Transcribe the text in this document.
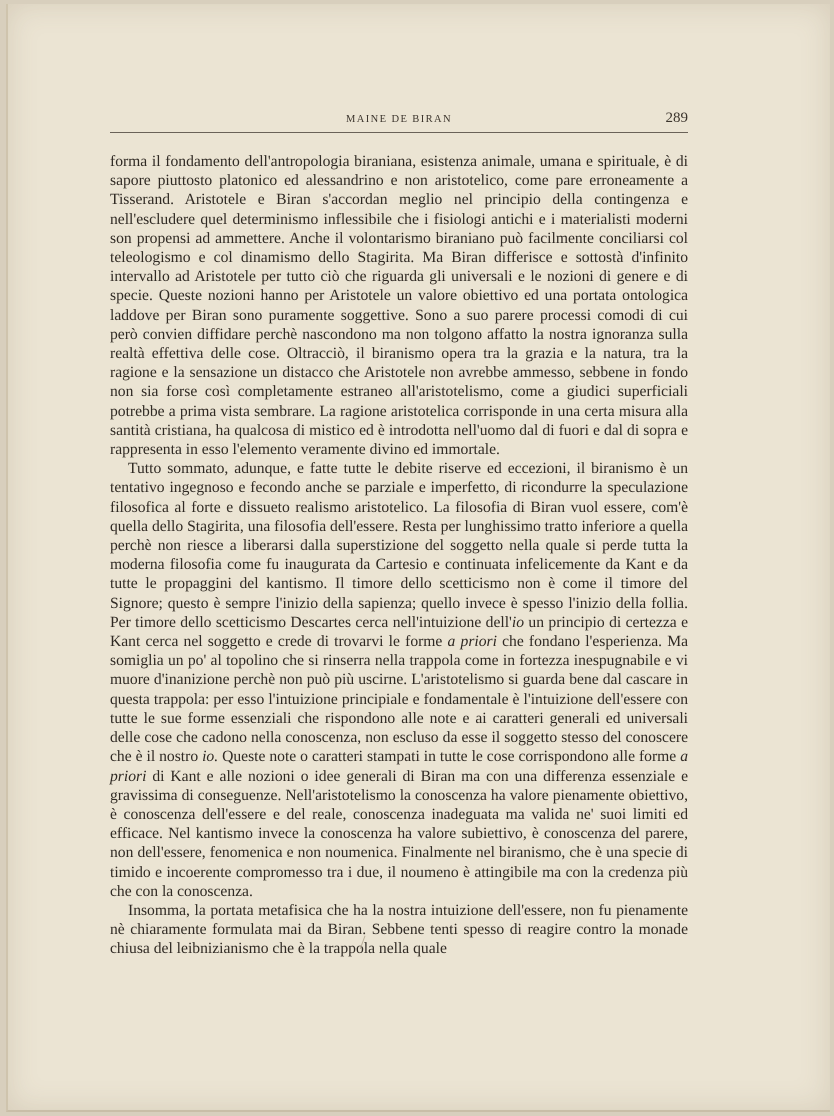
MAINE DE BIRAN	289

forma il fondamento dell'antropologia biraniana, esistenza animale, umana e spirituale, è di sapore piuttosto platonico ed alessandrino e non aristotelico, come pare erroneamente a Tisserand. Aristotele e Biran s'accordan meglio nel principio della contingenza e nell'escludere quel determinismo inflessibile che i fisiologi antichi e i materialisti moderni son propensi ad ammettere. Anche il volontarismo biraniano può facilmente conciliarsi col teleologismo e col dinamismo dello Stagirita. Ma Biran differisce e sottostà d'infinito intervallo ad Aristotele per tutto ciò che riguarda gli universali e le nozioni di genere e di specie. Queste nozioni hanno per Aristotele un valore obiettivo ed una portata ontologica laddove per Biran sono puramente soggettive. Sono a suo parere processi comodi di cui però convien diffidare perchè nascondono ma non tolgono affatto la nostra ignoranza sulla realtà effettiva delle cose. Oltracciò, il biranismo opera tra la grazia e la natura, tra la ragione e la sensazione un distacco che Aristotele non avrebbe ammesso, sebbene in fondo non sia forse così completamente estraneo all'aristotelismo, come a giudici superficiali potrebbe a prima vista sembrare. La ragione aristotelica corrisponde in una certa misura alla santità cristiana, ha qualcosa di mistico ed è introdotta nell'uomo dal di fuori e dal di sopra e rappresenta in esso l'elemento veramente divino ed immortale.

Tutto sommato, adunque, e fatte tutte le debite riserve ed eccezioni, il biranismo è un tentativo ingegnoso e fecondo anche se parziale e imperfetto, di ricondurre la speculazione filosofica al forte e dissueto realismo aristotelico. La filosofia di Biran vuol essere, com'è quella dello Stagirita, una filosofia dell'essere. Resta per lunghissimo tratto inferiore a quella perchè non riesce a liberarsi dalla superstizione del soggetto nella quale si perde tutta la moderna filosofia come fu inaugurata da Cartesio e continuata infelicemente da Kant e da tutte le propaggini del kantismo. Il timore dello scetticismo non è come il timore del Signore; questo è sempre l'inizio della sapienza; quello invece è spesso l'inizio della follia. Per timore dello scetticismo Descartes cerca nell'intuizione dell'io un principio di certezza e Kant cerca nel soggetto e crede di trovarvi le forme a priori che fondano l'esperienza. Ma somiglia un po' al topolino che si rinserra nella trappola come in fortezza inespugnabile e vi muore d'inanizione perchè non può più uscirne. L'aristotelismo si guarda bene dal cascare in questa trappola: per esso l'intuizione principiale e fondamentale è l'intuizione dell'essere con tutte le sue forme essenziali che rispondono alle note e ai caratteri generali ed universali delle cose che cadono nella conoscenza, non escluso da esse il soggetto stesso del conoscere che è il nostro io. Queste note o caratteri stampati in tutte le cose corrispondono alle forme a priori di Kant e alle nozioni o idee generali di Biran ma con una differenza essenziale e gravissima di conseguenze. Nell'aristotelismo la conoscenza ha valore pienamente obiettivo, è conoscenza dell'essere e del reale, conoscenza inadeguata ma valida ne' suoi limiti ed efficace. Nel kantismo invece la conoscenza ha valore subiettivo, è conoscenza del parere, non dell'essere, fenomenica e non noumenica. Finalmente nel biranismo, che è una specie di timido e incoerente compromesso tra i due, il noumeno è attingibile ma con la credenza più che con la conoscenza.

Insomma, la portata metafisica che ha la nostra intuizione dell'essere, non fu pienamente nè chiaramente formulata mai da Biran. Sebbene tenti spesso di reagire contro la monade chiusa del leibnizianismo che è la trappola nella quale
